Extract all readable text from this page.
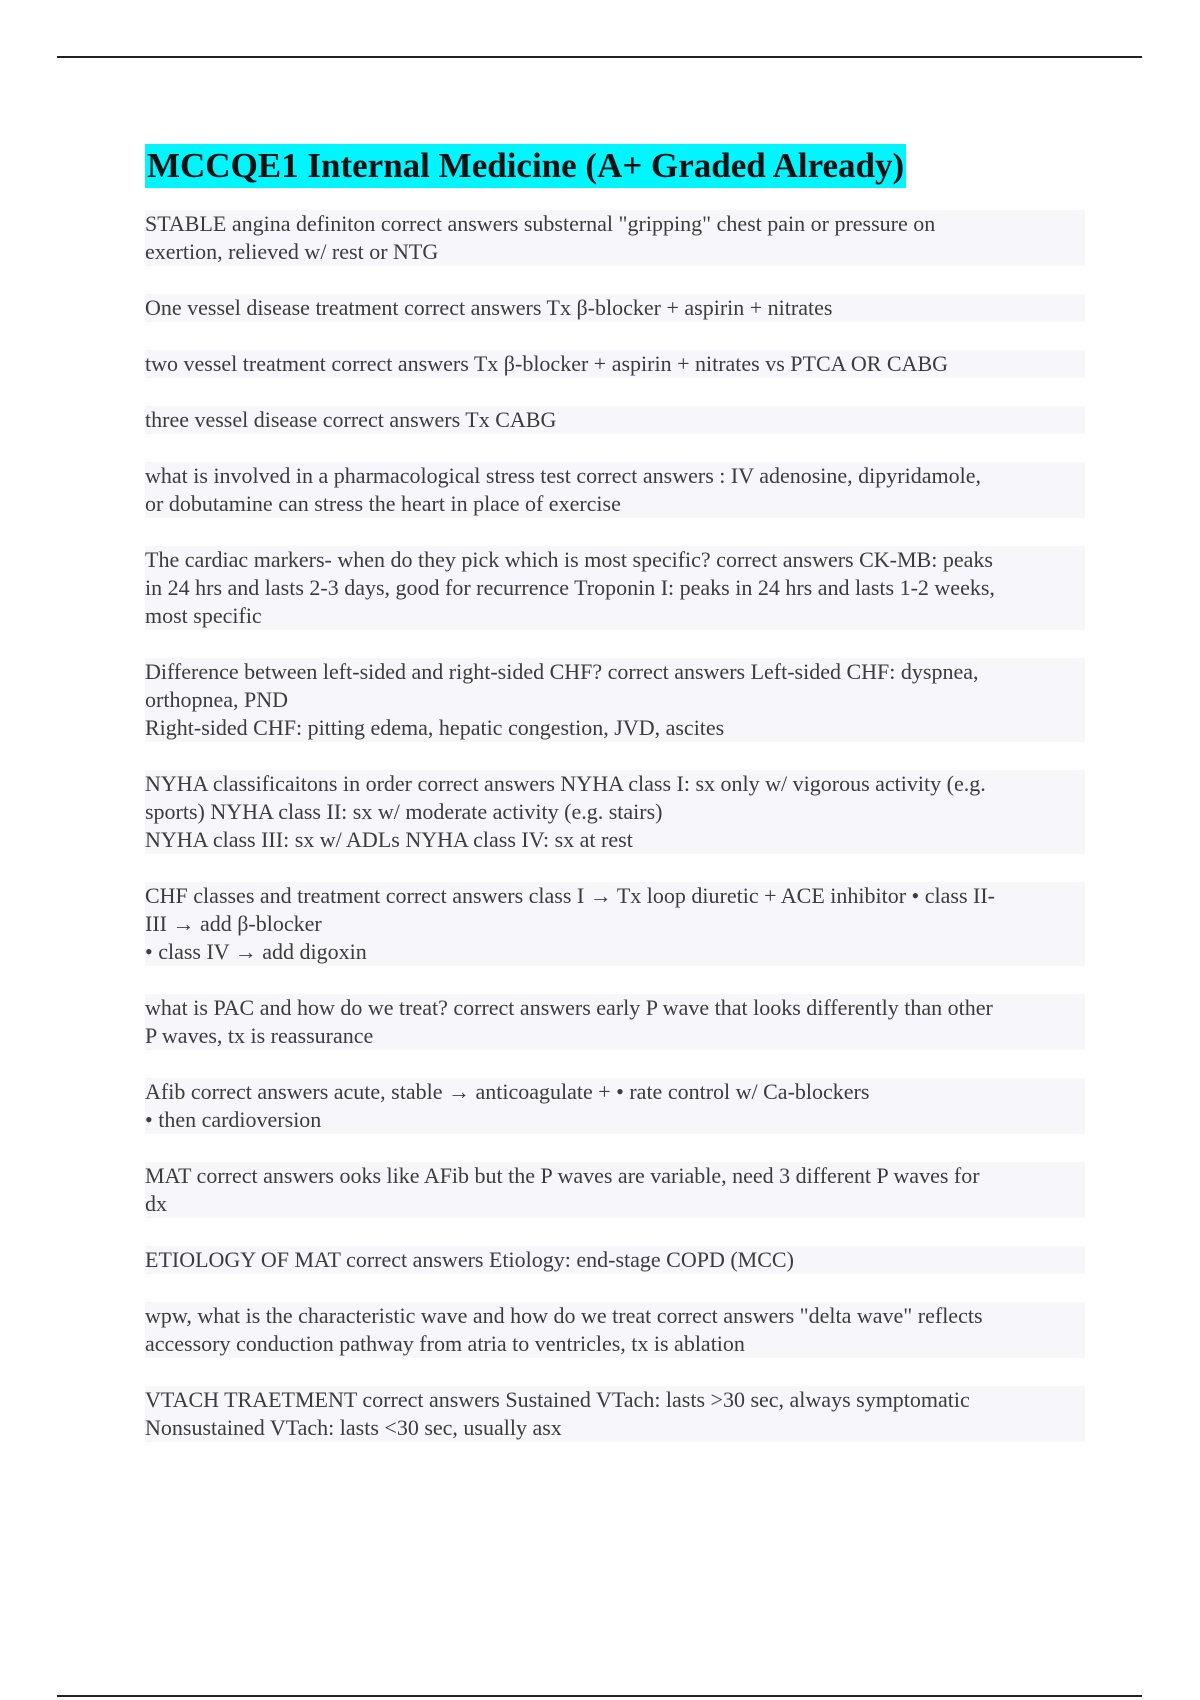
MCCQE1 Internal Medicine (A+ Graded Already)
STABLE angina definiton correct answers substernal "gripping" chest pain or pressure on
exertion, relieved w/ rest or NTG
One vessel disease treatment correct answers Tx β-blocker + aspirin + nitrates
two vessel treatment correct answers Tx β-blocker + aspirin + nitrates vs PTCA OR CABG
three vessel disease correct answers Tx CABG
what is involved in a pharmacological stress test correct answers : IV adenosine, dipyridamole,
or dobutamine can stress the heart in place of exercise
The cardiac markers- when do they pick which is most specific? correct answers CK-MB: peaks
in 24 hrs and lasts 2-3 days, good for recurrence Troponin I: peaks in 24 hrs and lasts 1-2 weeks,
most specific
Difference between left-sided and right-sided CHF? correct answers Left-sided CHF: dyspnea,
orthopnea, PND
Right-sided CHF: pitting edema, hepatic congestion, JVD, ascites
NYHA classificaitons in order correct answers NYHA class I: sx only w/ vigorous activity (e.g.
sports) NYHA class II: sx w/ moderate activity (e.g. stairs)
NYHA class III: sx w/ ADLs NYHA class IV: sx at rest
CHF classes and treatment correct answers class I → Tx loop diuretic + ACE inhibitor • class II-
III → add β-blocker
• class IV → add digoxin
what is PAC and how do we treat? correct answers early P wave that looks differently than other
P waves, tx is reassurance
Afib correct answers acute, stable → anticoagulate + • rate control w/ Ca-blockers
• then cardioversion
MAT correct answers ooks like AFib but the P waves are variable, need 3 different P waves for
dx
ETIOLOGY OF MAT correct answers Etiology: end-stage COPD (MCC)
wpw, what is the characteristic wave and how do we treat correct answers "delta wave" reflects
accessory conduction pathway from atria to ventricles, tx is ablation
VTACH TRAETMENT correct answers Sustained VTach: lasts >30 sec, always symptomatic
Nonsustained VTach: lasts <30 sec, usually asx
